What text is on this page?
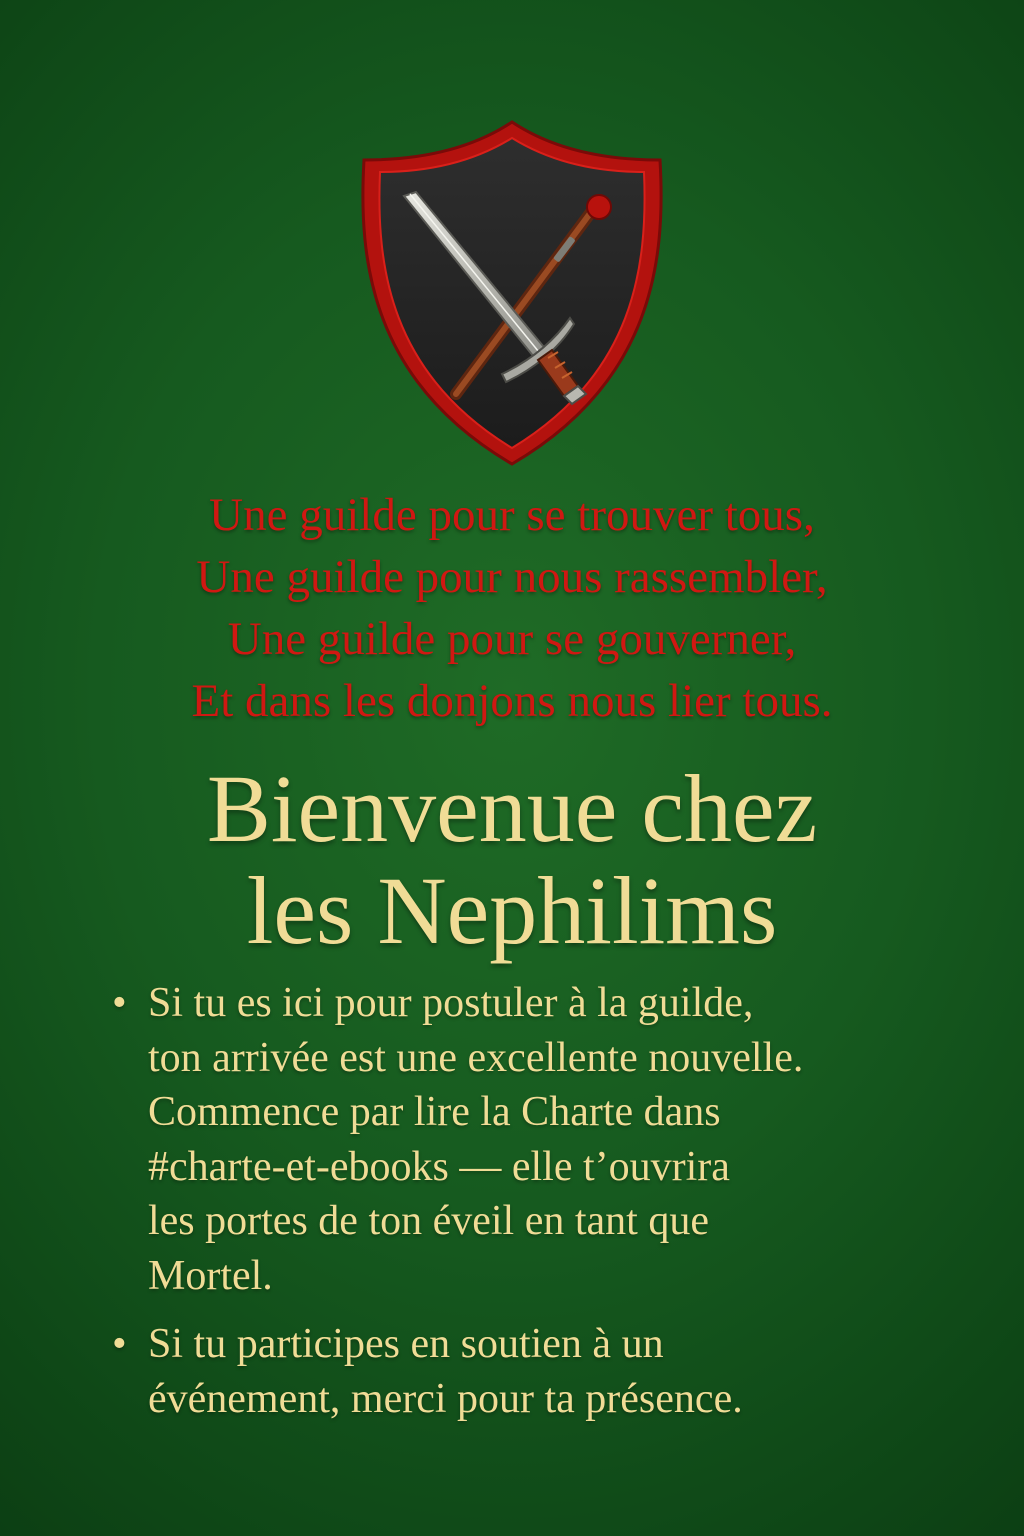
Une guilde pour se trouver tous,
Une guilde pour nous rassembler,
Une guilde pour se gouverner,
Et dans les donjons nous lier tous.
Bienvenue chez
les Nephilims
• Si tu es ici pour postuler à la guilde,
ton arrivée est une excellente nouvelle.
Commence par lire la Charte dans
#charte-et-ebooks — elle t’ouvrira
les portes de ton éveil en tant que
Mortel.
• Si tu participes en soutien à un
événement, merci pour ta présence.
